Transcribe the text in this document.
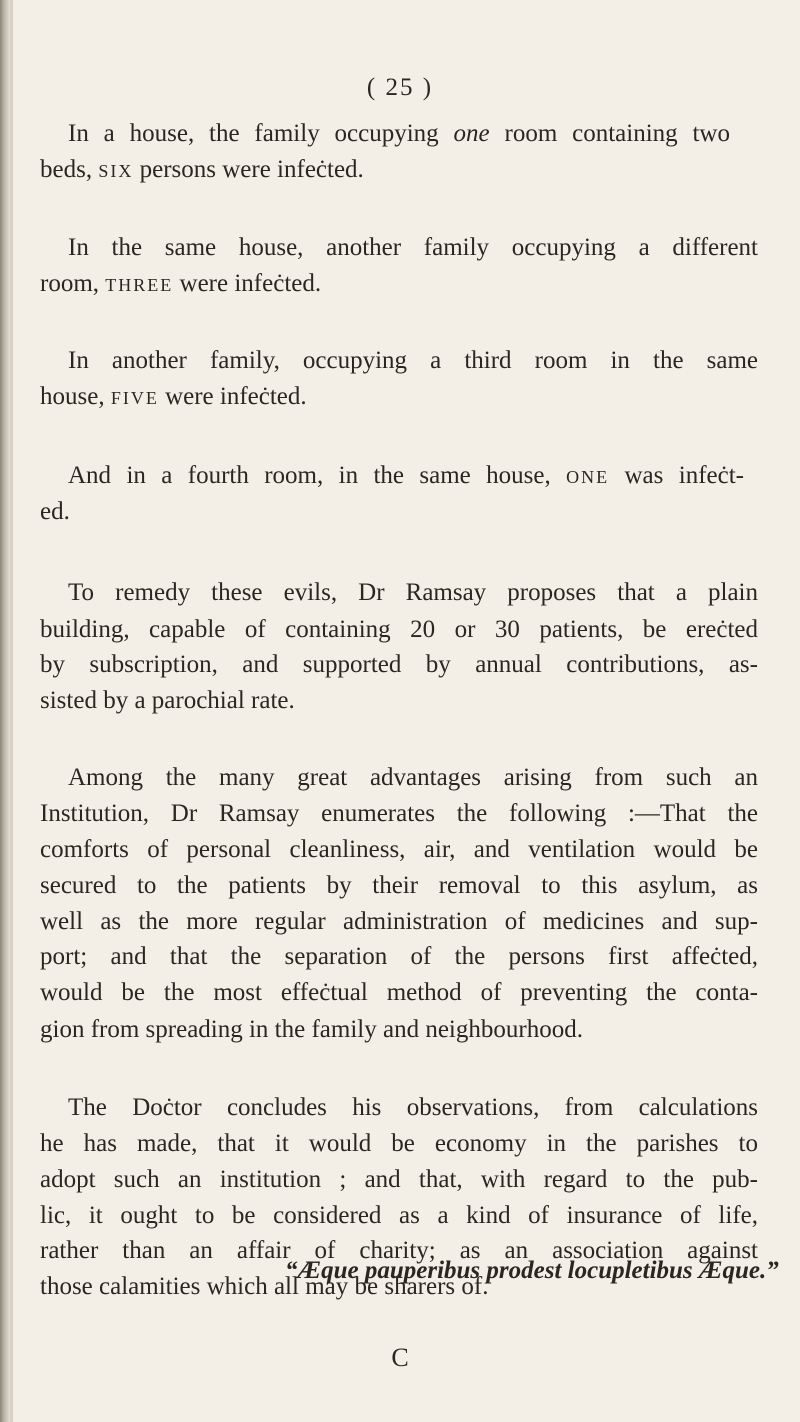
( 25 )
In a house, the family occupying one room containing two
beds, SIX persons were infeċted.
In the same house, another family occupying a different
room, THREE were infeċted.
In another family, occupying a third room in the same
house, FIVE were infeċted.
And in a fourth room, in the same house, ONE was infeċt-
ed.
To remedy these evils, Dr Ramsay proposes that a plain
building, capable of containing 20 or 30 patients, be ereċted
by subscription, and supported by annual contributions, as-
sisted by a parochial rate.
Among the many great advantages arising from such an
Institution, Dr Ramsay enumerates the following :—That the
comforts of personal cleanliness, air, and ventilation would be
secured to the patients by their removal to this asylum, as
well as the more regular administration of medicines and sup-
port; and that the separation of the persons first affeċted,
would be the most effeċtual method of preventing the conta-
gion from spreading in the family and neighbourhood.
The Doċtor concludes his observations, from calculations
he has made, that it would be economy in the parishes to
adopt such an institution ; and that, with regard to the pub-
lic, it ought to be considered as a kind of insurance of life,
rather than an affair of charity; as an association against
those calamities which all may be sharers of.
“Æque pauperibus prodest locupletibus Æque.”
C
